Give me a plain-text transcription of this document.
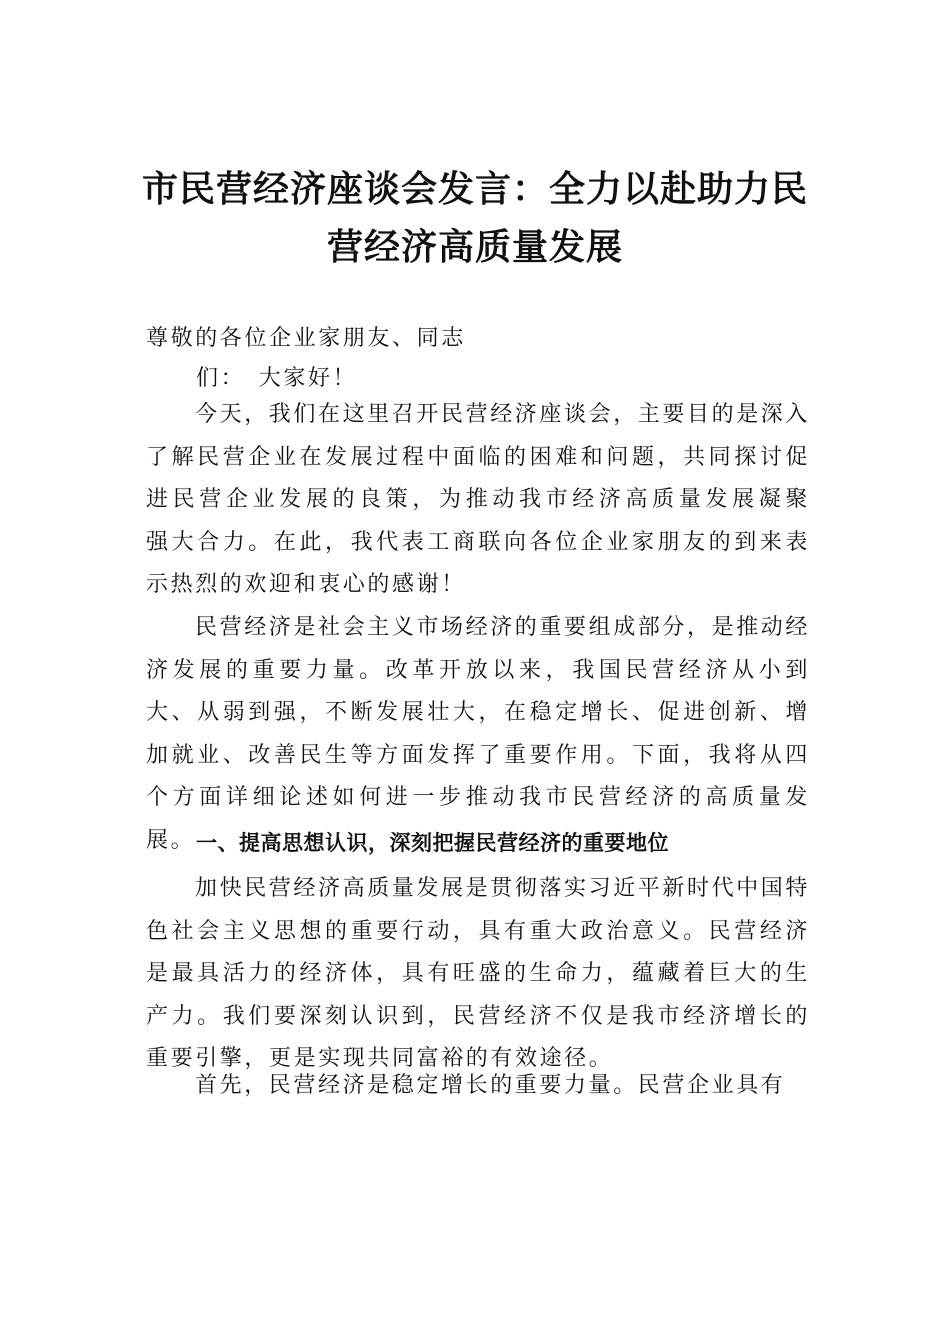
市民营经济座谈会发言：全力以赴助力民
营经济高质量发展

尊敬的各位企业家朋友、同志

们：　大家好！

今天，我们在这里召开民营经济座谈会，主要目的是深入了解民营企业在发展过程中面临的困难和问题，共同探讨促进民营企业发展的良策，为推动我市经济高质量发展凝聚　强大合力。在此，我代表工商联向各位企业家朋友的到来表　示热烈的欢迎和衷心的感谢！

民营经济是社会主义市场经济的重要组成部分，是推动经济发展的重要力量。改革开放以来，我国民营经济从小到大、从弱到强，不断发展壮大，在稳定增长、促进创新、增加就业、改善民生等方面发挥了重要作用。下面，我将从四个方面详细论述如何进一步推动我市民营经济的高质量发展。 一、提高思想认识，深刻把握民营经济的重要地位

加快民营经济高质量发展是贯彻落实习近平新时代中国特色社会主义思想的重要行动，具有重大政治意义。民营经济是最具活力的经济体，具有旺盛的生命力，蕴藏着巨大的生产力。我们要深刻认识到，民营经济不仅是我市经济增长的重要引擎，更是实现共同富裕的有效途径。

首先，民营经济是稳定增长的重要力量。民营企业具有
